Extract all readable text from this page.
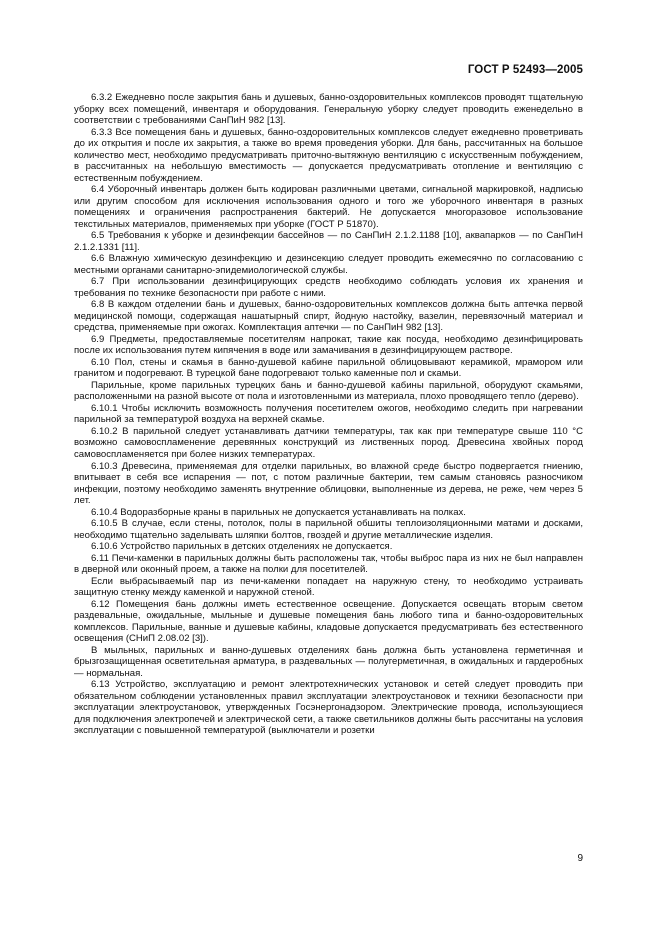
ГОСТ Р 52493—2005

6.3.2 Ежедневно после закрытия бань и душевых, банно-оздоровительных комплексов проводят тщательную уборку всех помещений, инвентаря и оборудования. Генеральную уборку следует проводить еженедельно в соответствии с требованиями СанПиН 982 [13].

6.3.3 Все помещения бань и душевых, банно-оздоровительных комплексов следует ежедневно проветривать до их открытия и после их закрытия, а также во время проведения уборки. Для бань, рассчитанных на большое количество мест, необходимо предусматривать приточно-вытяжную вентиляцию с искусственным побуждением, в рассчитанных на небольшую вместимость — допускается предусматривать отопление и вентиляцию с естественным побуждением.

6.4 Уборочный инвентарь должен быть кодирован различными цветами, сигнальной маркировкой, надписью или другим способом для исключения использования одного и того же уборочного инвентаря в разных помещениях и ограничения распространения бактерий. Не допускается многоразовое использование текстильных материалов, применяемых при уборке (ГОСТ Р 51870).

6.5 Требования к уборке и дезинфекции бассейнов — по СанПиН 2.1.2.1188 [10], аквапарков — по СанПиН 2.1.2.1331 [11].

6.6 Влажную химическую дезинфекцию и дезинсекцию следует проводить ежемесячно по согласованию с местными органами санитарно-эпидемиологической службы.

6.7 При использовании дезинфицирующих средств необходимо соблюдать условия их хранения и требования по технике безопасности при работе с ними.

6.8 В каждом отделении бань и душевых, банно-оздоровительных комплексов должна быть аптечка первой медицинской помощи, содержащая нашатырный спирт, йодную настойку, вазелин, перевязочный материал и средства, применяемые при ожогах. Комплектация аптечки — по СанПиН 982 [13].

6.9 Предметы, предоставляемые посетителям напрокат, такие как посуда, необходимо дезинфицировать после их использования путем кипячения в воде или замачивания в дезинфицирующем растворе.

6.10 Пол, стены и скамья в банно-душевой кабине парильной облицовывают керамикой, мрамором или гранитом и подогревают. В турецкой бане подогревают только каменные пол и скамьи.

Парильные, кроме парильных турецких бань и банно-душевой кабины парильной, оборудуют скамьями, расположенными на разной высоте от пола и изготовленными из материала, плохо проводящего тепло (дерево).

6.10.1 Чтобы исключить возможность получения посетителем ожогов, необходимо следить при нагревании парильной за температурой воздуха на верхней скамье.

6.10.2 В парильной следует устанавливать датчики температуры, так как при температуре свыше 110 °С возможно самовоспламенение деревянных конструкций из лиственных пород. Древесина хвойных пород самовоспламеняется при более низких температурах.

6.10.3 Древесина, применяемая для отделки парильных, во влажной среде быстро подвергается гниению, впитывает в себя все испарения — пот, с потом различные бактерии, тем самым становясь разносчиком инфекции, поэтому необходимо заменять внутренние облицовки, выполненные из дерева, не реже, чем через 5 лет.

6.10.4 Водоразборные краны в парильных не допускается устанавливать на полках.

6.10.5 В случае, если стены, потолок, полы в парильной обшиты теплоизоляционными матами и досками, необходимо тщательно заделывать шляпки болтов, гвоздей и другие металлические изделия.

6.10.6 Устройство парильных в детских отделениях не допускается.

6.11 Печи-каменки в парильных должны быть расположены так, чтобы выброс пара из них не был направлен в дверной или оконный проем, а также на полки для посетителей.

Если выбрасываемый пар из печи-каменки попадает на наружную стену, то необходимо устраивать защитную стенку между каменкой и наружной стеной.

6.12 Помещения бань должны иметь естественное освещение. Допускается освещать вторым светом раздевальные, ожидальные, мыльные и душевые помещения бань любого типа и банно-оздоровительных комплексов. Парильные, ванные и душевые кабины, кладовые допускается предусматривать без естественного освещения (СНиП 2.08.02 [3]).

В мыльных, парильных и ванно-душевых отделениях бань должна быть установлена герметичная и брызгозащищенная осветительная арматура, в раздевальных — полугерметичная, в ожидальных и гардеробных — нормальная.

6.13 Устройство, эксплуатацию и ремонт электротехнических установок и сетей следует проводить при обязательном соблюдении установленных правил эксплуатации электроустановок и техники безопасности при эксплуатации электроустановок, утвержденных Госэнергонадзором. Электрические провода, использующиеся для подключения электропечей и электрической сети, а также светильников должны быть рассчитаны на условия эксплуатации с повышенной температурой (выключатели и розетки

9
